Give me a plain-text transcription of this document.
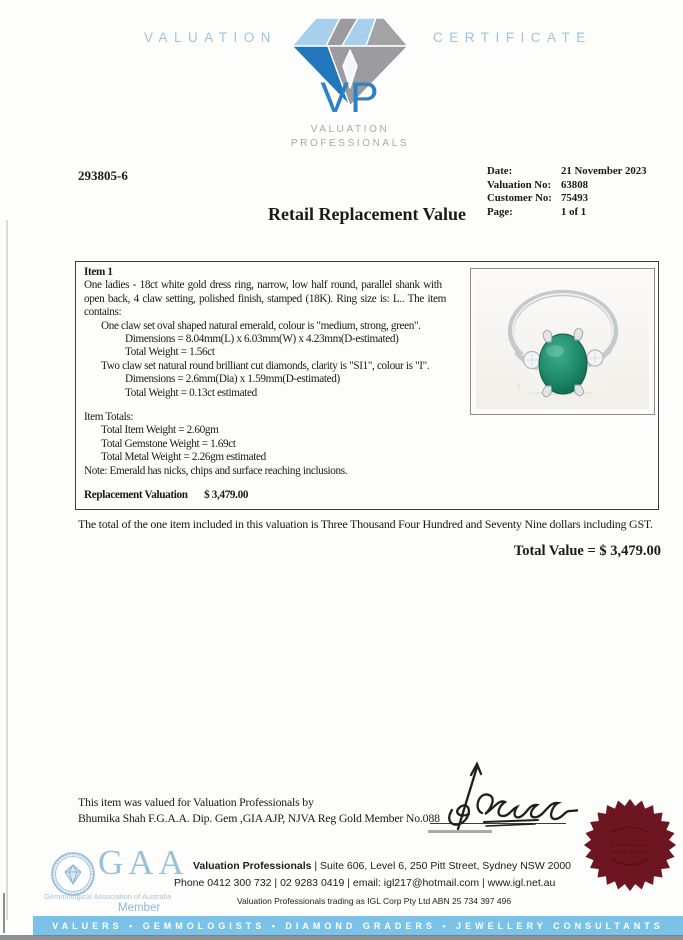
VALUATION	CERTIFICATE
VP
VALUATION
PROFESSIONALS
293805-6	Date:	21 November 2023
Valuation No: 63808
Customer No: 75493
Page:	1 of 1
Retail Replacement Value
Item 1
One ladies - 18ct white gold dress ring, narrow, low half round, parallel shank with
open back, 4 claw setting, polished finish, stamped (18K). Ring size is: L.. The item
contains:
One claw set oval shaped natural emerald, colour is "medium, strong, green".
Dimensions = 8.04mm(L) x 6.03mm(W) x 4.23mm(D-estimated)
Total Weight = 1.56ct
Two claw set natural round brilliant cut diamonds, clarity is "SI1", colour is "I".
Dimensions = 2.6mm(Dia) x 1.59mm(D-estimated)
Total Weight = 0.13ct estimated
Item Totals:
Total Item Weight = 2.60gm
Total Gemstone Weight = 1.69ct
Total Metal Weight = 2.26gm estimated
Note: Emerald has nicks, chips and surface reaching inclusions.
Replacement Valuation $ 3,479.00
The total of the one item included in this valuation is Three Thousand Four Hundred and Seventy Nine dollars including GST.
Total Value = $ 3,479.00
This item was valued for Valuation Professionals by
Bhumika Shah F.G.A.A. Dip. Gem ,GIA AJP, NJVA Reg Gold Member No.088
GAA
Gemmological Association of Australia
Member
Valuation Professionals | Suite 606, Level 6, 250 Pitt Street, Sydney NSW 2000
Phone 0412 300 732 | 02 9283 0419 | email: igl217@hotmail.com | www.igl.net.au
Valuation Professionals trading as IGL Corp Pty Ltd ABN 25 734 397 496
VALUERS • GEMMOLOGISTS • DIAMOND GRADERS • JEWELLERY CONSULTANTS
